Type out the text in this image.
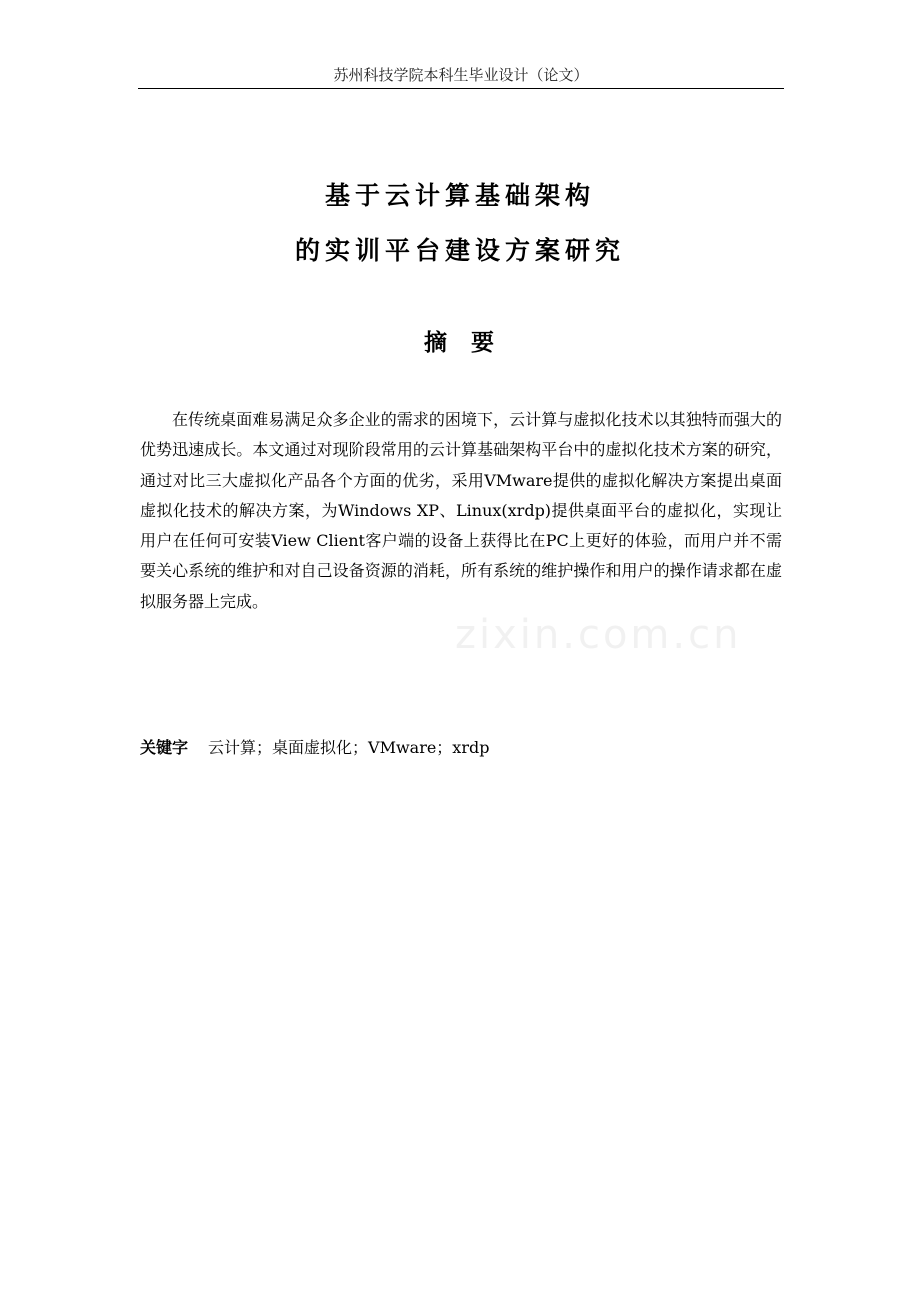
苏州科技学院本科生毕业设计（论文）
基于云计算基础架构
的实训平台建设方案研究
摘 要

在传统桌面难易满足众多企业的需求的困境下，云计算与虚拟化技术以其独特而强大的优势迅速成长。本文通过对现阶段常用的云计算基础架构平台中的虚拟化技术方案的研究，通过对比三大虚拟化产品各个方面的优劣，采用VMware提供的虚拟化解决方案提出桌面虚拟化技术的解决方案，为Windows XP、Linux(xrdp)提供桌面平台的虚拟化，实现让用户在任何可安装View Client客户端的设备上获得比在PC上更好的体验，而用户并不需要关心系统的维护和对自己设备资源的消耗，所有系统的维护操作和用户的操作请求都在虚拟服务器上完成。

zixin.com.cn
关键字 云计算；桌面虚拟化；VMware；xrdp
